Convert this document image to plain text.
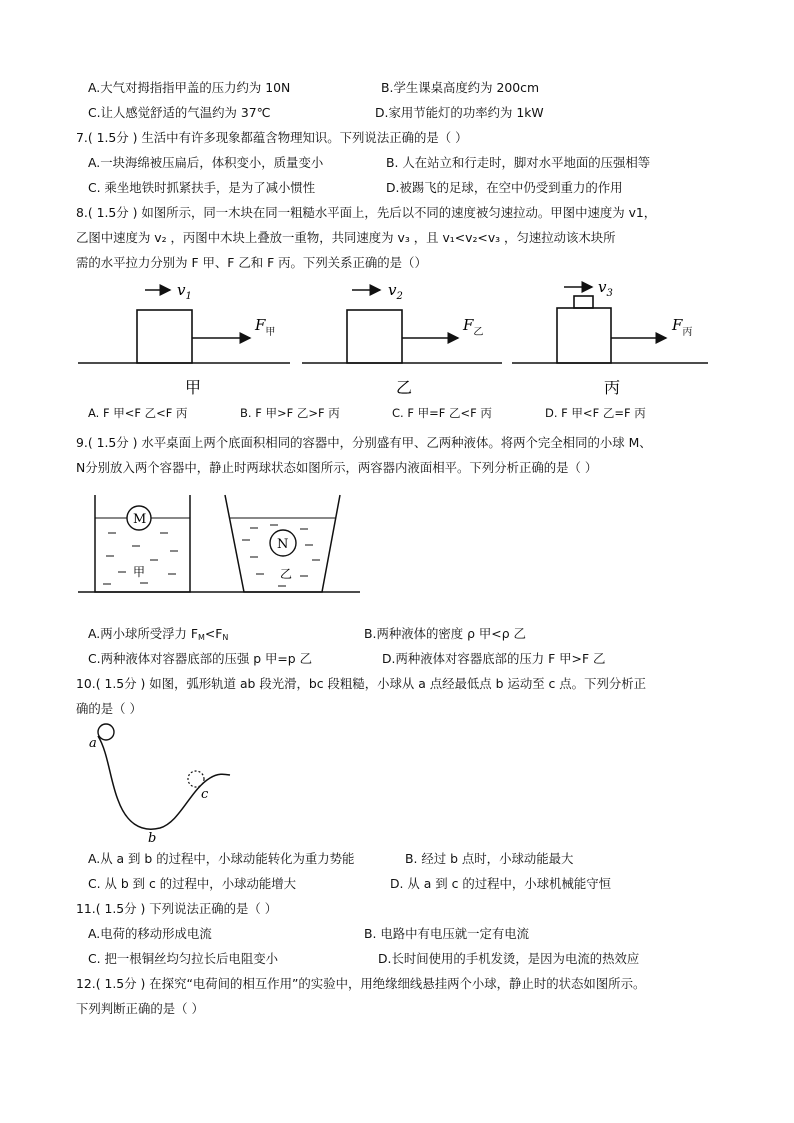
A.大气对拇指指甲盖的压力约为 10N	B.学生课桌高度约为 200cm
C.让人感觉舒适的气温约为 37℃	D.家用节能灯的功率约为 1kW
7.( 1.5分 ) 生活中有许多现象都蕴含物理知识。下列说法正确的是（ ）
A.一块海绵被压扁后，体积变小，质量变小	B. 人在站立和行走时，脚对水平地面的压强相等
C. 乘坐地铁时抓紧扶手，是为了减小惯性	D.被踢飞的足球，在空中仍受到重力的作用
8.( 1.5分 ) 如图所示，同一木块在同一粗糙水平面上，先后以不同的速度被匀速拉动。甲图中速度为 v1，
乙图中速度为 v₂ ，丙图中木块上叠放一重物，共同速度为 v₃ ，且 v₁<v₂<v₃ ，匀速拉动该木块所
需的水平拉力分别为 F 甲、F 乙和 F 丙。下列关系正确的是（）
$v_1$
$F_甲$
甲
$v_2$
$F_乙$
乙
$v_3$
$F_丙$
丙
A. F 甲<F 乙<F 丙	B. F 甲>F 乙>F 丙	C. F 甲=F 乙<F 丙	D. F 甲<F 乙=F 丙
9.( 1.5分 ) 水平桌面上两个底面积相同的容器中，分别盛有甲、乙两种液体。将两个完全相同的小球 M、
N分别放入两个容器中，静止时两球状态如图所示，两容器内液面相平。下列分析正确的是（ ）
M
甲
N
乙
A.两小球所受浮力 $F_M<F_N$	B.两种液体的密度 ρ 甲<ρ 乙
C.两种液体对容器底部的压强 p 甲=p 乙	D.两种液体对容器底部的压力 F 甲>F 乙
10.( 1.5分 ) 如图，弧形轨道 ab 段光滑，bc 段粗糙，小球从 a 点经最低点 b 运动至 c 点。下列分析正
确的是（ ）
a
b
c
A.从 a 到 b 的过程中，小球动能转化为重力势能	B. 经过 b 点时，小球动能最大
C. 从 b 到 c 的过程中，小球动能增大	D. 从 a 到 c 的过程中，小球机械能守恒
11.( 1.5分 ) 下列说法正确的是（ ）
A.电荷的移动形成电流	B. 电路中有电压就一定有电流
C. 把一根铜丝均匀拉长后电阻变小	D.长时间使用的手机发烫，是因为电流的热效应
12.( 1.5分 ) 在探究“电荷间的相互作用”的实验中，用绝缘细线悬挂两个小球，静止时的状态如图所示。
下列判断正确的是（ ）
